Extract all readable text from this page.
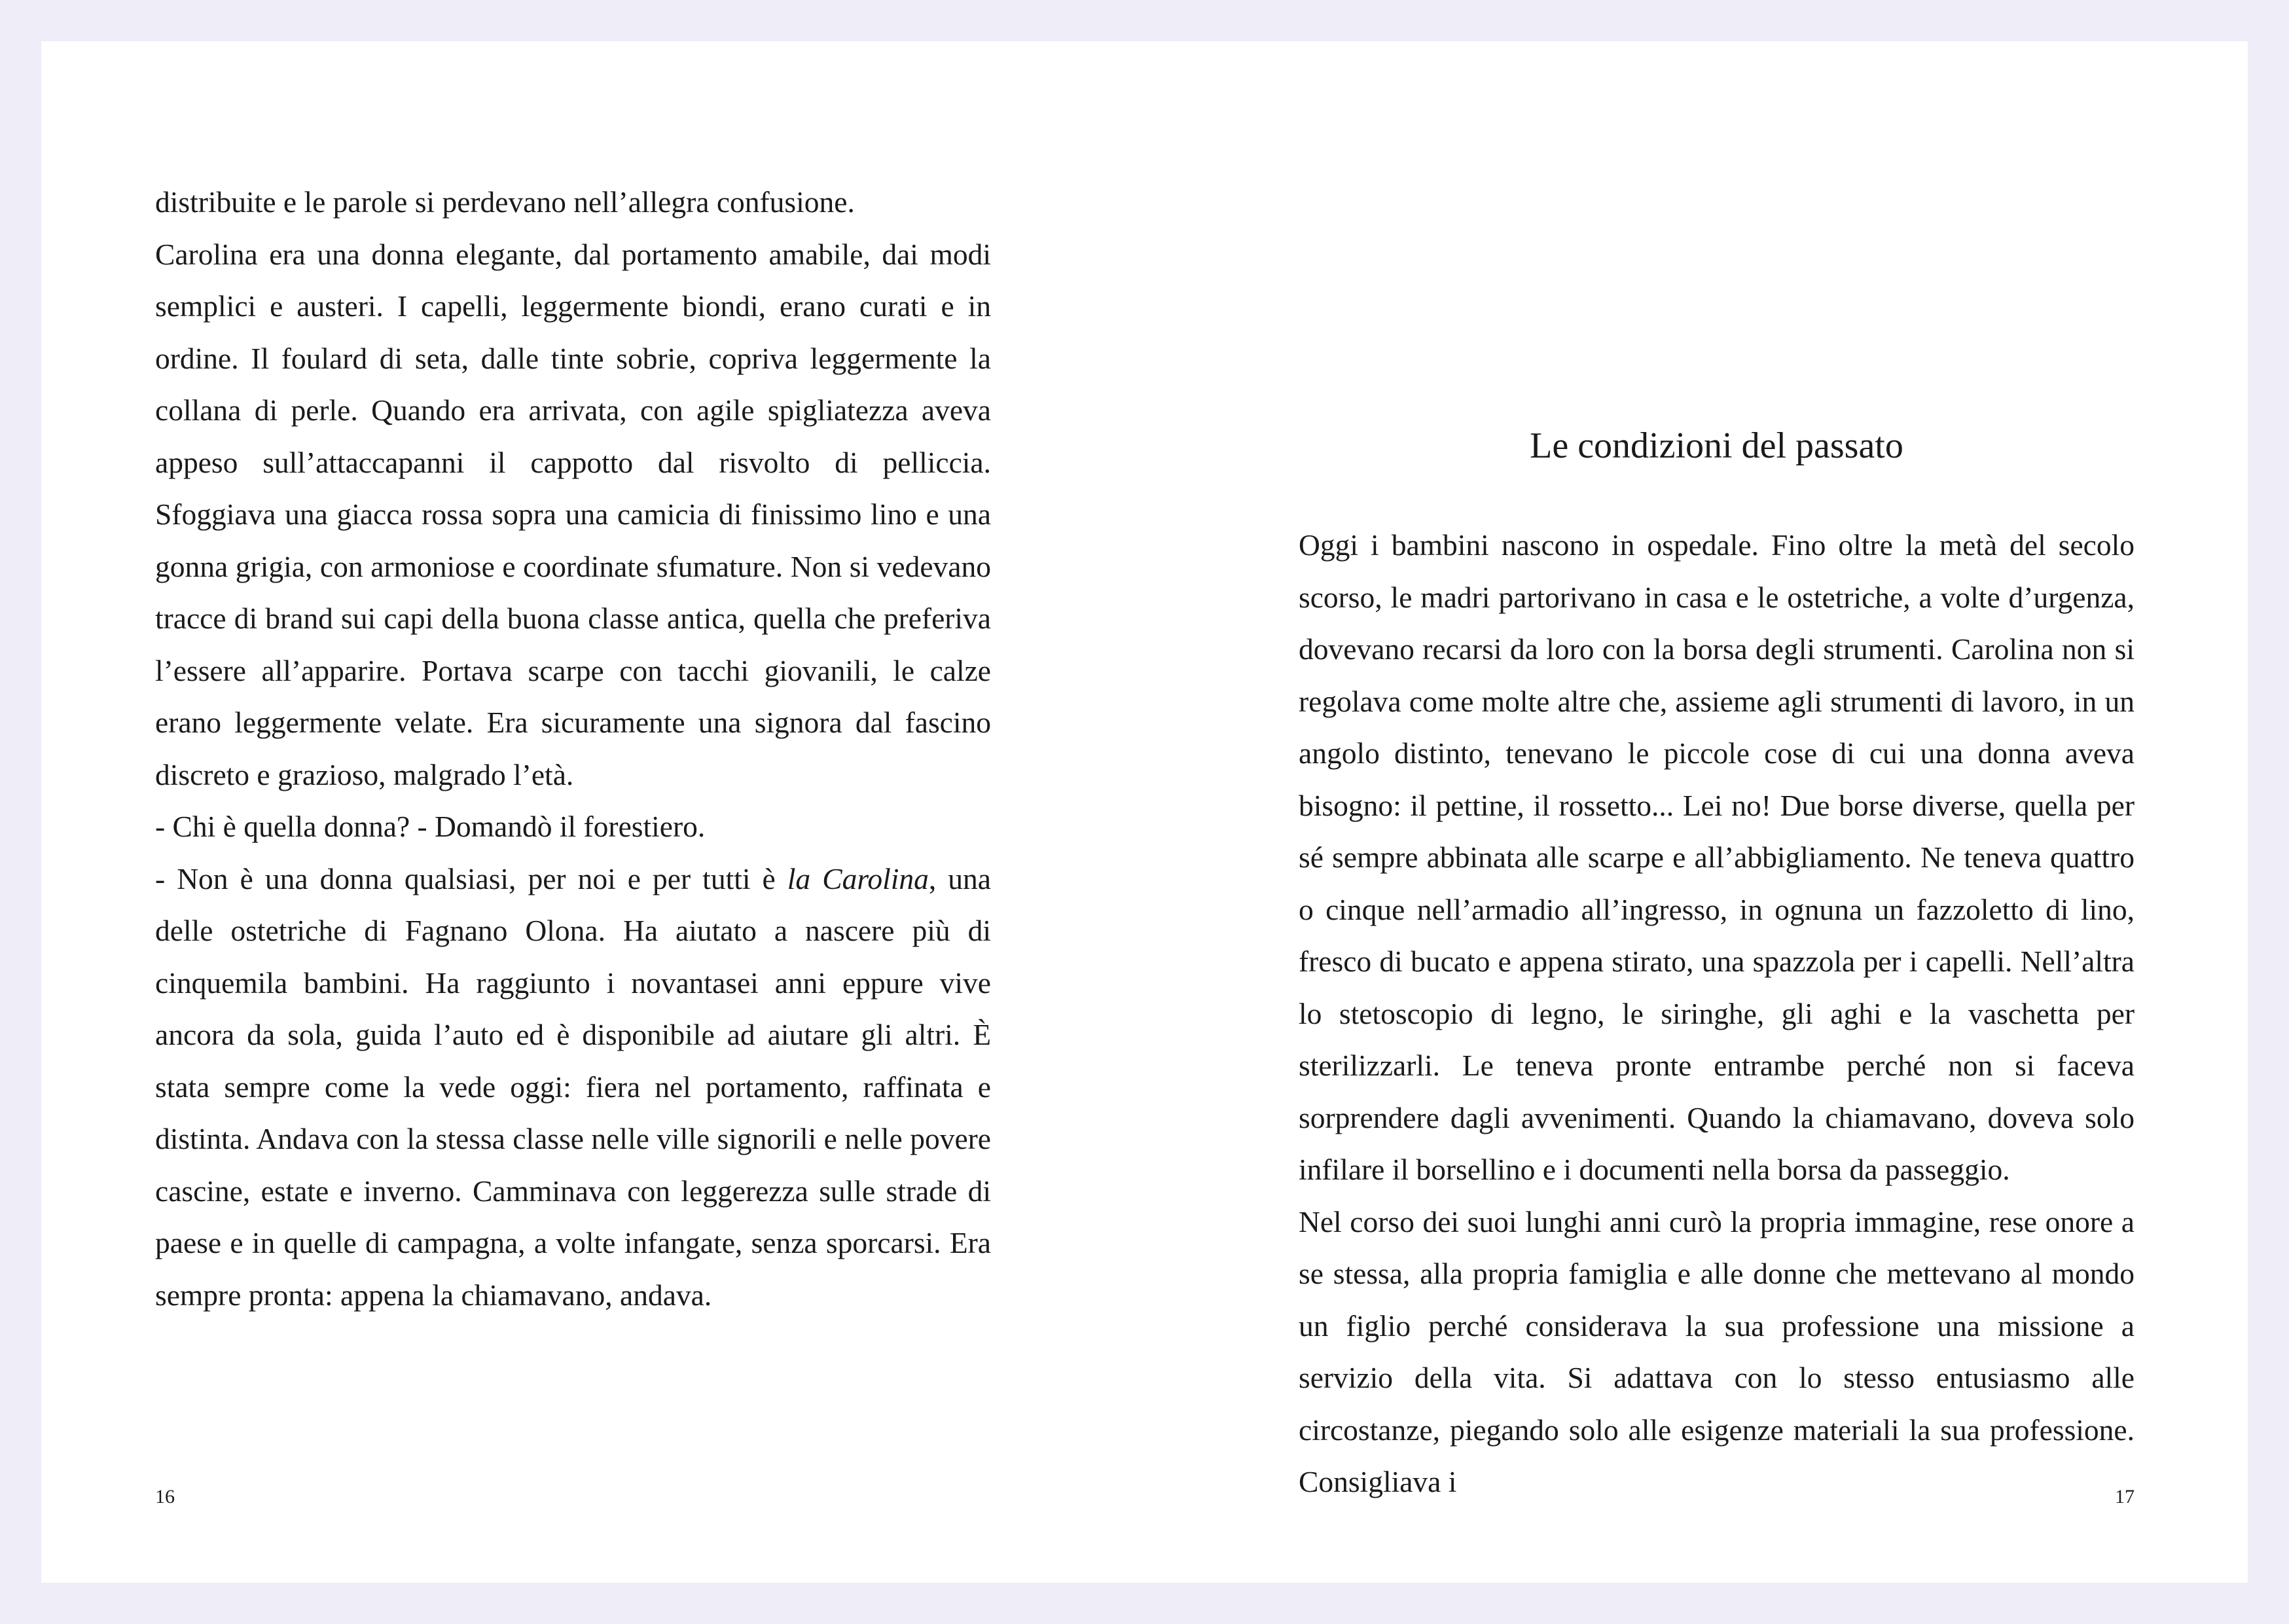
distribuite e le parole si perdevano nell’allegra confusione.

Carolina era una donna elegante, dal portamento amabile, dai modi semplici e austeri. I capelli, leggermente biondi, erano curati e in ordine. Il foulard di seta, dalle tinte sobrie, copriva leggermente la collana di perle. Quando era arrivata, con agile spigliatezza aveva appeso sull’attaccapanni il cappotto dal risvolto di pelliccia. Sfoggiava una giacca rossa sopra una camicia di finissimo lino e una gonna grigia, con armoniose e coordinate sfumature. Non si vedevano tracce di brand sui capi della buona classe antica, quella che preferiva l’essere all’apparire. Portava scarpe con tacchi giovanili, le calze erano leggermente velate. Era sicuramente una signora dal fascino discreto e grazioso, malgrado l’età.

- Chi è quella donna? - Domandò il forestiero.

- Non è una donna qualsiasi, per noi e per tutti è la Carolina, una delle ostetriche di Fagnano Olona. Ha aiutato a nascere più di cinquemila bambini. Ha raggiunto i novantasei anni eppure vive ancora da sola, guida l’auto ed è disponibile ad aiutare gli altri. È stata sempre come la vede oggi: fiera nel portamento, raffinata e distinta. Andava con la stessa classe nelle ville signorili e nelle povere cascine, estate e inverno. Camminava con leggerezza sulle strade di paese e in quelle di campagna, a volte infangate, senza sporcarsi. Era sempre pronta: appena la chiamavano, andava.

16
Le condizioni del passato

Oggi i bambini nascono in ospedale. Fino oltre la metà del secolo scorso, le madri partorivano in casa e le ostetriche, a volte d’urgenza, dovevano recarsi da loro con la borsa degli strumenti. Carolina non si regolava come molte altre che, assieme agli strumenti di lavoro, in un angolo distinto, tenevano le piccole cose di cui una donna aveva bisogno: il pettine, il rossetto... Lei no! Due borse diverse, quella per sé sempre abbinata alle scarpe e all’abbigliamento. Ne teneva quattro o cinque nell’armadio all’ingresso, in ognuna un fazzoletto di lino, fresco di bucato e appena stirato, una spazzola per i capelli. Nell’altra lo stetoscopio di legno, le siringhe, gli aghi e la vaschetta per sterilizzarli. Le teneva pronte entrambe perché non si faceva sorprendere dagli avvenimenti. Quando la chiamavano, doveva solo infilare il borsellino e i documenti nella borsa da passeggio.

Nel corso dei suoi lunghi anni curò la propria immagine, rese onore a se stessa, alla propria famiglia e alle donne che mettevano al mondo un figlio perché considerava la sua professione una missione a servizio della vita. Si adattava con lo stesso entusiasmo alle circostanze, piegando solo alle esigenze materiali la sua professione. Consigliava i	17
